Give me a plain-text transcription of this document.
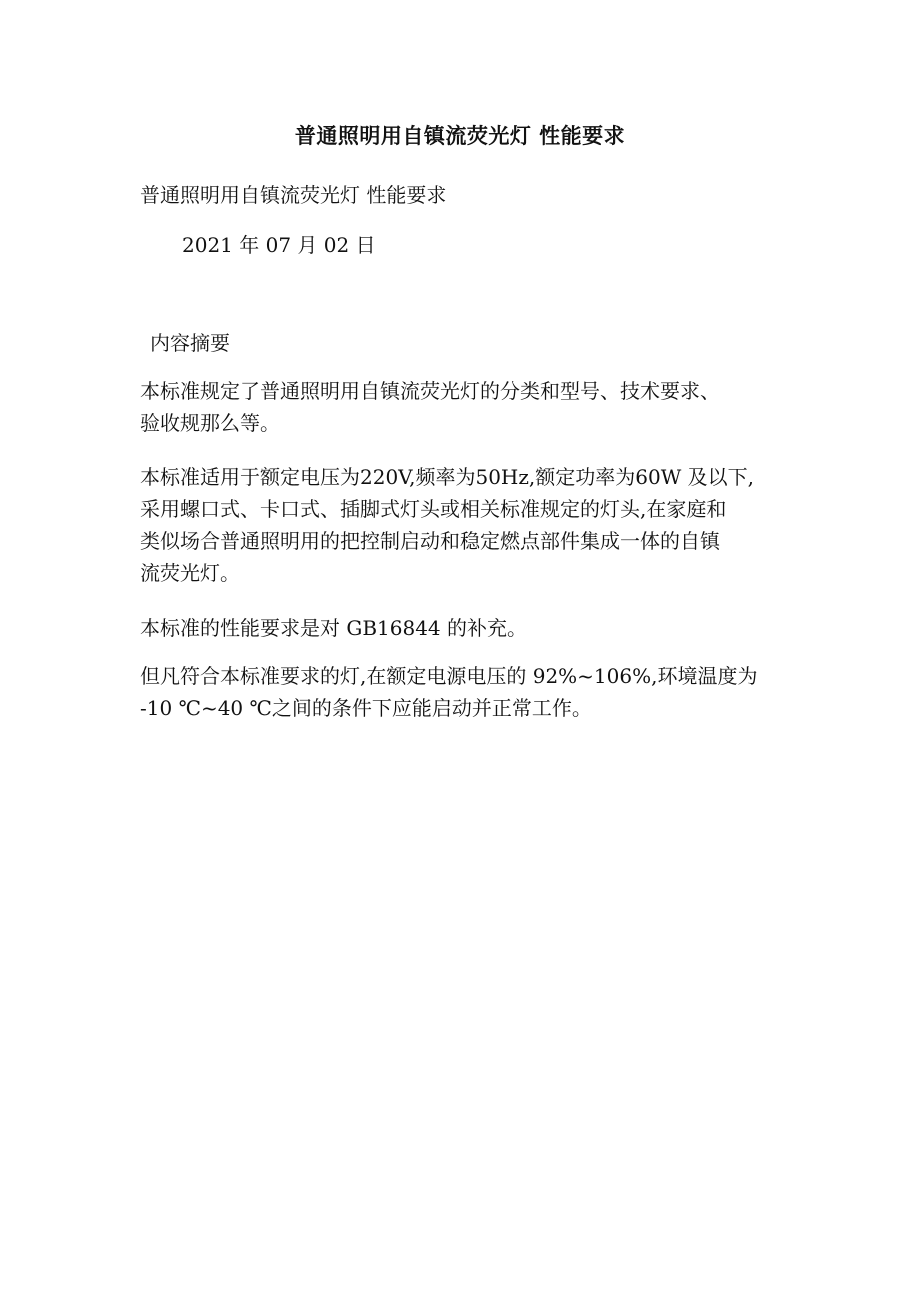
普通照明用自镇流荧光灯 性能要求
普通照明用自镇流荧光灯 性能要求
2021 年 07 月 02 日
内容摘要
本标准规定了普通照明用自镇流荧光灯的分类和型号、技术要求、
验收规那么等。
本标准适用于额定电压为220V,频率为50Hz,额定功率为60W 及以下,
采用螺口式、卡口式、插脚式灯头或相关标准规定的灯头,在家庭和
类似场合普通照明用的把控制启动和稳定燃点部件集成一体的自镇
流荧光灯。
本标准的性能要求是对 GB16844 的补充。
但凡符合本标准要求的灯,在额定电源电压的 92%~106%,环境温度为
-10 ℃~40 ℃之间的条件下应能启动并正常工作。
